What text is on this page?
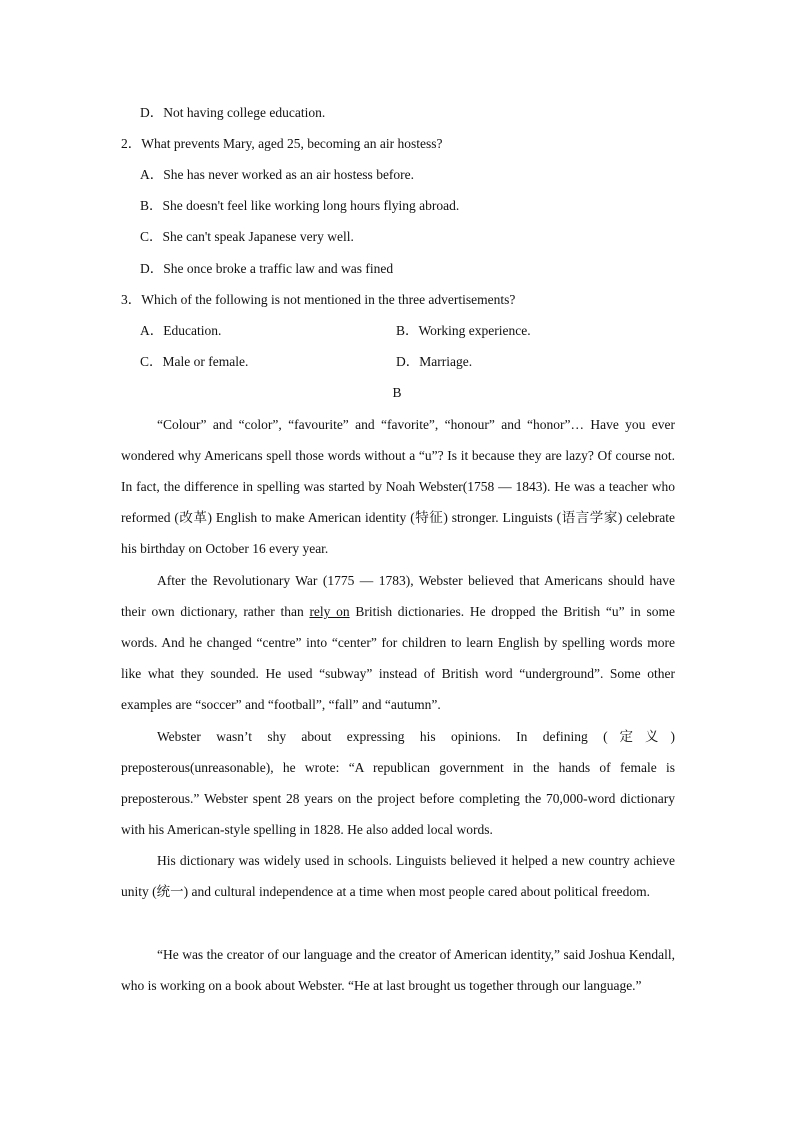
D．Not having college education.
2．What prevents Mary, aged 25, becoming an air hostess?
A．She has never worked as an air hostess before.
B．She doesn't feel like working long hours flying abroad.
C．She can't speak Japanese very well.
D．She once broke a traffic law and was fined
3．Which of the following is not mentioned in the three advertisements?
A．Education.	B．Working experience.
C．Male or female.	D．Marriage.
B
“Colour” and “color”, “favourite” and “favorite”, “honour” and “honor”… Have you ever wondered why Americans spell those words without a “u”? Is it because they are lazy? Of course not. In fact, the difference in spelling was started by Noah Webster(1758 — 1843). He was a teacher who reformed (改革) English to make American identity (特征) stronger. Linguists (语言学家) celebrate his birthday on October 16 every year.
After the Revolutionary War (1775 — 1783), Webster believed that Americans should have their own dictionary, rather than rely on British dictionaries. He dropped the British “u” in some words. And he changed “centre” into “center” for children to learn English by spelling words more like what they sounded. He used “subway” instead of British word “underground”. Some other examples are “soccer” and “football”, “fall” and “autumn”.
Webster wasn’t shy about expressing his opinions. In defining (定义) preposterous(unreasonable), he wrote: “A republican government in the hands of female is preposterous.” Webster spent 28 years on the project before completing the 70,000-word dictionary with his American-style spelling in 1828. He also added local words.
His dictionary was widely used in schools. Linguists believed it helped a new country achieve unity (统一) and cultural independence at a time when most people cared about political freedom.
“He was the creator of our language and the creator of American identity,” said Joshua Kendall, who is working on a book about Webster. “He at last brought us together through our language.”
